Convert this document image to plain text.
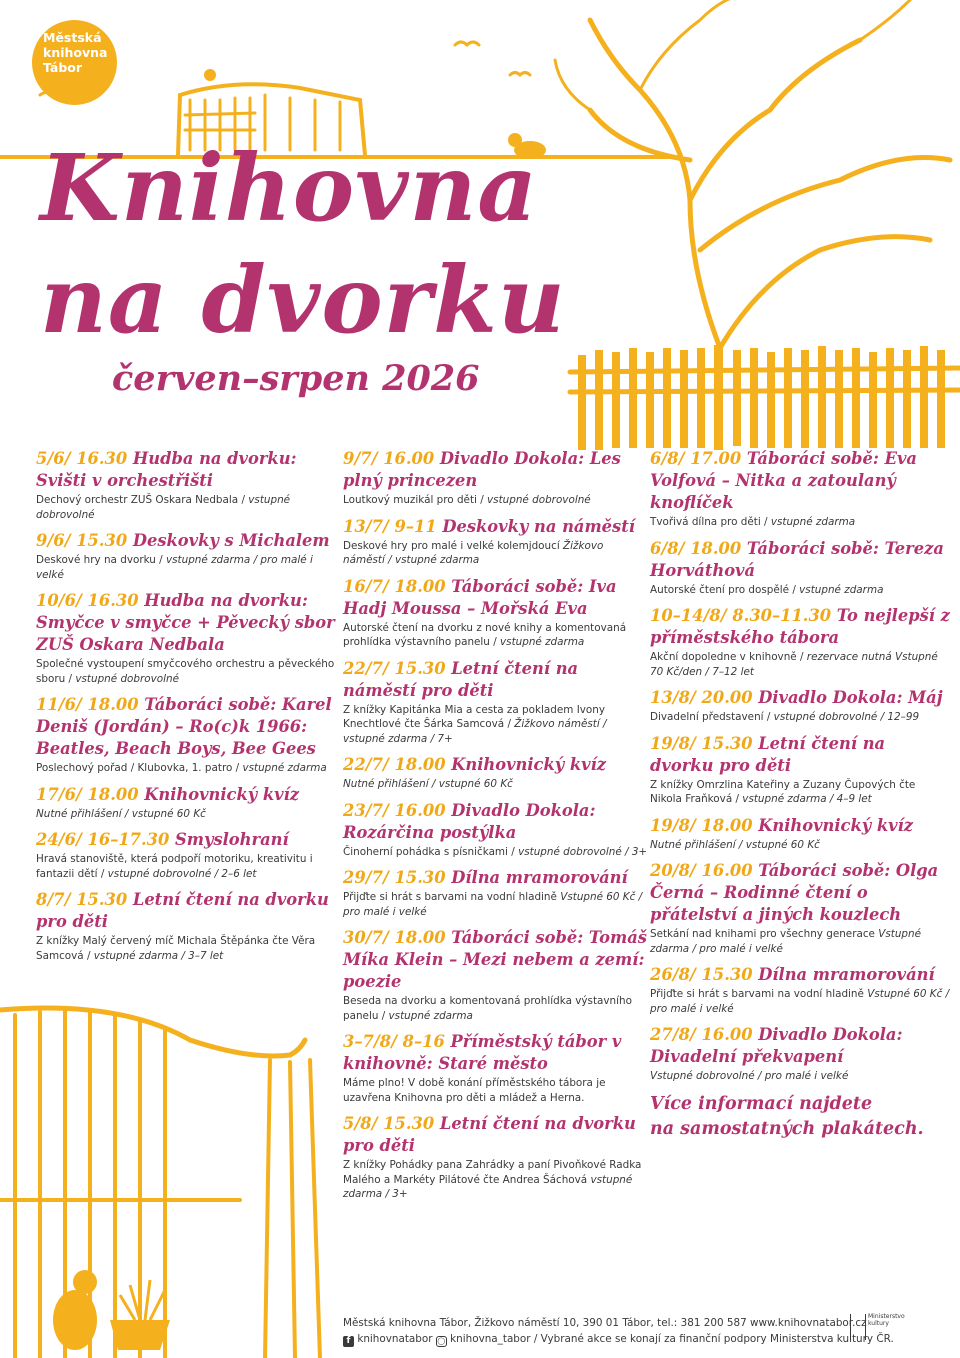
Městská
knihovna
Tábor
Knihovna
na dvorku
červen–srpen 2026
5/6/ 16.30 Hudba na dvorku: Svišti v orchestřišti
Dechový orchestr ZUŠ Oskara Nedbala / vstupné dobrovolné
9/6/ 15.30 Deskovky s Michalem
Deskové hry na dvorku / vstupné zdarma / pro malé i velké
10/6/ 16.30 Hudba na dvorku: Smyčce v smyčce + Pěvecký sbor ZUŠ Oskara Nedbala
Společné vystoupení smyčcového orchestru a pěveckého sboru / vstupné dobrovolné
11/6/ 18.00 Táboráci sobě: Karel Deniš (Jordán) – Ro(c)k 1966: Beatles, Beach Boys, Bee Gees
Poslechový pořad / Klubovka, 1. patro / vstupné zdarma
17/6/ 18.00 Knihovnický kvíz
Nutné přihlášení / vstupné 60 Kč
24/6/ 16–17.30 Smyslohraní
Hravá stanoviště, která podpoří motoriku, kreativitu i fantazii dětí / vstupné dobrovolné / 2–6 let
8/7/ 15.30 Letní čtení na dvorku pro děti
Z knížky Malý červený míč Michala Štěpánka čte Věra Samcová / vstupné zdarma / 3–7 let
9/7/ 16.00 Divadlo Dokola: Les plný princezen
Loutkový muzikál pro děti / vstupné dobrovolné
13/7/ 9–11 Deskovky na náměstí
Deskové hry pro malé i velké kolemjdoucí Žižkovo náměstí / vstupné zdarma
16/7/ 18.00 Táboráci sobě: Iva Hadj Moussa – Mořská Eva
Autorské čtení na dvorku z nové knihy a komentovaná prohlídka výstavního panelu / vstupné zdarma
22/7/ 15.30 Letní čtení na náměstí pro děti
Z knížky Kapitánka Mia a cesta za pokladem Ivony Knechtlové čte Šárka Samcová / Žižkovo náměstí / vstupné zdarma / 7+
22/7/ 18.00 Knihovnický kvíz
Nutné přihlášení / vstupné 60 Kč
23/7/ 16.00 Divadlo Dokola: Rozárčina postýlka
Činoherní pohádka s písničkami / vstupné dobrovolné / 3+
29/7/ 15.30 Dílna mramorování
Přijďte si hrát s barvami na vodní hladině Vstupné 60 Kč / pro malé i velké
30/7/ 18.00 Táboráci sobě: Tomáš Míka Klein – Mezi nebem a zemí: poezie
Beseda na dvorku a komentovaná prohlídka výstavního panelu / vstupné zdarma
3–7/8/ 8–16 Příměstský tábor v knihovně: Staré město
Máme plno! V době konání příměstského tábora je uzavřena Knihovna pro děti a mládež a Herna.
5/8/ 15.30 Letní čtení na dvorku pro děti
Z knížky Pohádky pana Zahrádky a paní Pivoňkové Radka Malého a Markéty Pilátové čte Andrea Šáchová vstupné zdarma / 3+
6/8/ 17.00 Táboráci sobě: Eva Volfová – Nitka a zatoulaný knoflíček
Tvořivá dílna pro děti / vstupné zdarma
6/8/ 18.00 Táboráci sobě: Tereza Horváthová
Autorské čtení pro dospělé / vstupné zdarma
10–14/8/ 8.30–11.30 To nejlepší z příměstského tábora
Akční dopoledne v knihovně / rezervace nutná Vstupné 70 Kč/den / 7–12 let
13/8/ 20.00 Divadlo Dokola: Máj
Divadelní představení / vstupné dobrovolné / 12–99
19/8/ 15.30 Letní čtení na dvorku pro děti
Z knížky Omrzlina Kateřiny a Zuzany Čupových čte Nikola Fraňková / vstupné zdarma / 4–9 let
19/8/ 18.00 Knihovnický kvíz
Nutné přihlášení / vstupné 60 Kč
20/8/ 16.00 Táboráci sobě: Olga Černá – Rodinné čtení o přátelství a jiných kouzlech
Setkání nad knihami pro všechny generace Vstupné zdarma / pro malé i velké
26/8/ 15.30 Dílna mramorování
Přijďte si hrát s barvami na vodní hladině Vstupné 60 Kč / pro malé i velké
27/8/ 16.00 Divadlo Dokola: Divadelní překvapení
Vstupné dobrovolné / pro malé i velké
Více informací najdete
na samostatných plakátech.
Městská knihovna Tábor, Žižkovo náměstí 10, 390 01 Tábor, tel.: 381 200 587 www.knihovnatabor.cz
f knihovnatabor ◯ knihovna_tabor / Vybrané akce se konají za finanční podpory Ministerstva kultury ČR.
Ministerstvo kultury
